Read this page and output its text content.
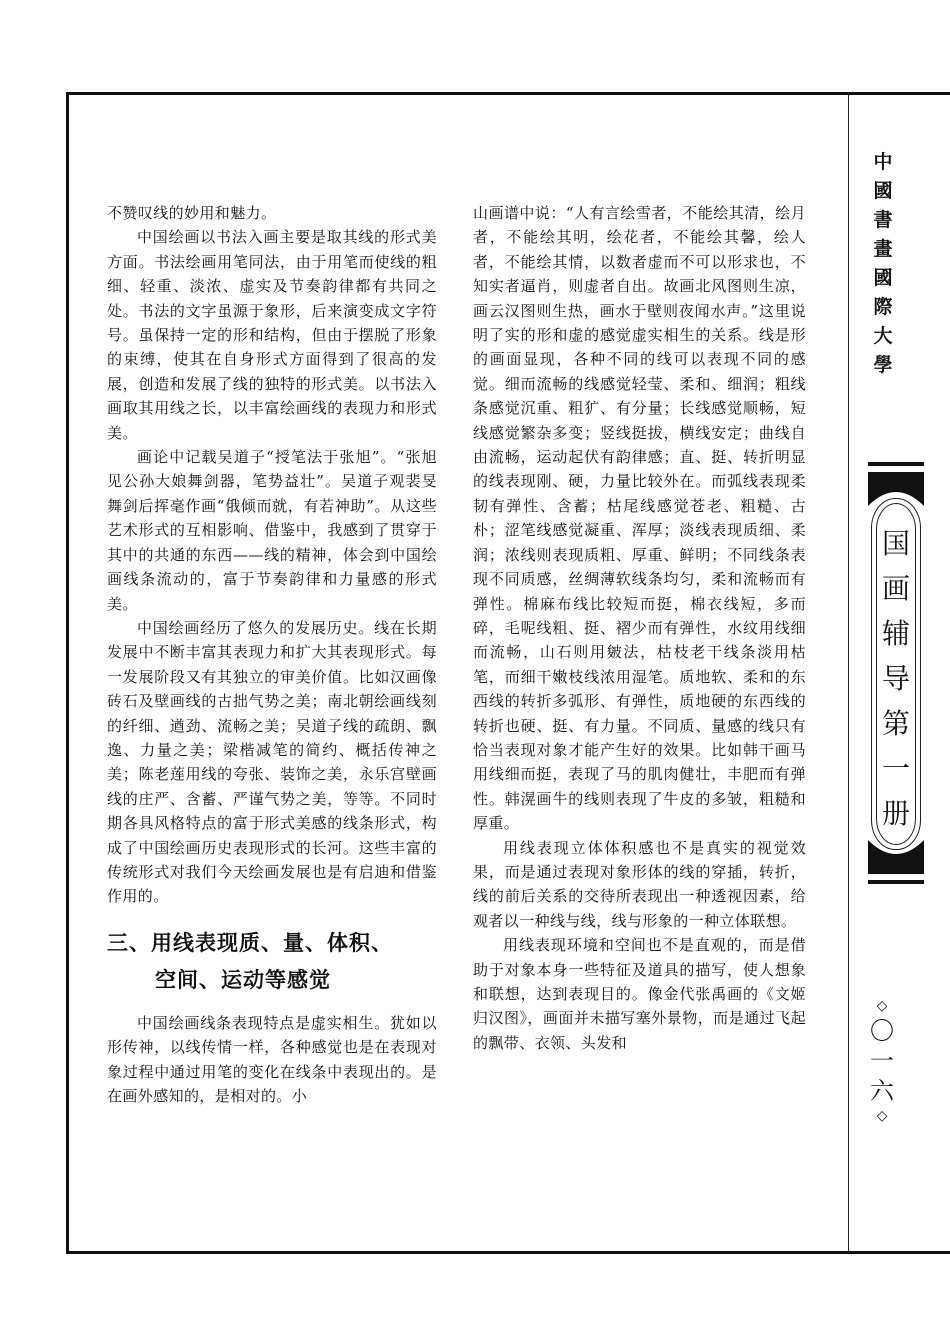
不赞叹线的妙用和魅力。

中国绘画以书法入画主要是取其线的形式美方面。书法绘画用笔同法，由于用笔而使线的粗细、轻重、淡浓、虚实及节奏韵律都有共同之处。书法的文字虽源于象形，后来演变成文字符号。虽保持一定的形和结构，但由于摆脱了形象的束缚，使其在自身形式方面得到了很高的发展，创造和发展了线的独特的形式美。以书法入画取其用线之长，以丰富绘画线的表现力和形式美。

画论中记载吴道子“授笔法于张旭”。“张旭见公孙大娘舞剑器，笔势益壮”。吴道子观裴旻舞剑后挥毫作画“俄倾而就，有若神助”。从这些艺术形式的互相影响、借鉴中，我感到了贯穿于其中的共通的东西——线的精神，体会到中国绘画线条流动的，富于节奏韵律和力量感的形式美。

中国绘画经历了悠久的发展历史。线在长期发展中不断丰富其表现力和扩大其表现形式。每一发展阶段又有其独立的审美价值。比如汉画像砖石及壁画线的古拙气势之美；南北朝绘画线刻的纤细、遒劲、流畅之美；吴道子线的疏朗、飘逸、力量之美；梁楷减笔的简约、概括传神之美；陈老莲用线的夸张、装饰之美，永乐宫壁画线的庄严、含蓄、严谨气势之美，等等。不同时期各具风格特点的富于形式美感的线条形式，构成了中国绘画历史表现形式的长河。这些丰富的传统形式对我们今天绘画发展也是有启迪和借鉴作用的。

三、用线表现质、量、体积、
空间、运动等感觉

中国绘画线条表现特点是虚实相生。犹如以形传神，以线传情一样，各种感觉也是在表现对象过程中通过用笔的变化在线条中表现出的。是在画外感知的，是相对的。小

山画谱中说：“人有言绘雪者，不能绘其清，绘月者，不能绘其明，绘花者，不能绘其馨，绘人者，不能绘其情，以数者虚而不可以形求也，不知实者逼肖，则虚者自出。故画北风图则生凉，画云汉图则生热，画水于壁则夜闻水声。”这里说明了实的形和虚的感觉虚实相生的关系。线是形的画面显现，各种不同的线可以表现不同的感觉。细而流畅的线感觉轻莹、柔和、细润；粗线条感觉沉重、粗犷、有分量；长线感觉顺畅，短线感觉繁杂多变；竖线挺拔，横线安定；曲线自由流畅，运动起伏有韵律感；直、挺、转折明显的线表现刚、硬，力量比较外在。而弧线表现柔韧有弹性、含蓄；枯尾线感觉苍老、粗糙、古朴；涩笔线感觉凝重、浑厚；淡线表现质细、柔润；浓线则表现质粗、厚重、鲜明；不同线条表现不同质感，丝绸薄软线条均匀，柔和流畅而有弹性。棉麻布线比较短而挺，棉衣线短，多而碎，毛呢线粗、挺、褶少而有弹性，水纹用线细而流畅，山石则用皴法，枯枝老干线条淡用枯笔，而细干嫩枝线浓用湿笔。质地软、柔和的东西线的转折多弧形、有弹性，质地硬的东西线的转折也硬、挺、有力量。不同质、量感的线只有恰当表现对象才能产生好的效果。比如韩干画马用线细而挺，表现了马的肌肉健壮，丰肥而有弹性。韩滉画牛的线则表现了牛皮的多皱，粗糙和厚重。

用线表现立体体积感也不是真实的视觉效果，而是通过表现对象形体的线的穿插，转折，线的前后关系的交待所表现出一种透视因素，给观者以一种线与线，线与形象的一种立体联想。

用线表现环境和空间也不是直观的，而是借助于对象本身一些特征及道具的描写，使人想象和联想，达到表现目的。像金代张禹画的《文姬归汉图》，画面并未描写塞外景物，而是通过飞起的飘带、衣领、头发和

中
國
書
畫
國
際
大
學
国
画
辅
导
第
一
册
◇
〇
一
六
◇
